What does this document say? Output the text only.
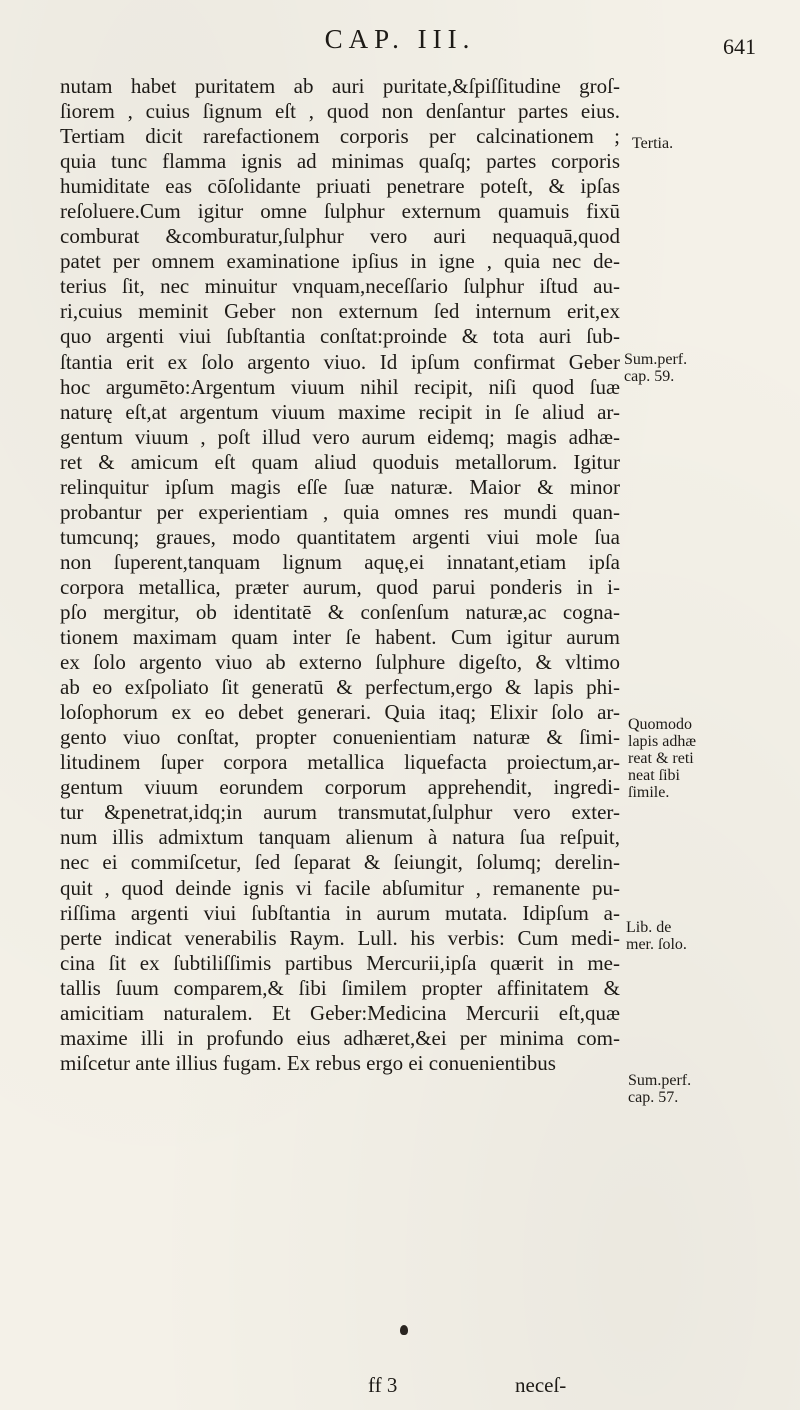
CAP. III.	641
nutam habet puritatem ab auri puritate,&ſpiſſitudine groſ-
ſiorem , cuius ſignum eſt , quod non denſantur partes eius.
Tertiam dicit rarefactionem corporis per calcinationem ;
quia tunc flamma ignis ad minimas quaſq; partes corporis
humiditate eas cōſolidante priuati penetrare poteſt, & ipſas
reſoluere.Cum igitur omne ſulphur externum quamuis fixū
comburat &comburatur,ſulphur vero auri nequaquā,quod
patet per omnem examinatione ipſius in igne , quia nec de-
terius ſit, nec minuitur vnquam,neceſſario ſulphur iſtud au-
ri,cuius meminit Geber non externum ſed internum erit,ex
quo argenti viui ſubſtantia conſtat:proinde & tota auri ſub-
ſtantia erit ex ſolo argento viuo. Id ipſum confirmat Geber
hoc argumēto:Argentum viuum nihil recipit, niſi quod ſuæ
naturę eſt,at argentum viuum maxime recipit in ſe aliud ar-
gentum viuum , poſt illud vero aurum eidemq; magis adhæ-
ret & amicum eſt quam aliud quoduis metallorum. Igitur
relinquitur ipſum magis eſſe ſuæ naturæ. Maior & minor
probantur per experientiam , quia omnes res mundi quan-
tumcunq; graues, modo quantitatem argenti viui mole ſua
non ſuperent,tanquam lignum aquę,ei innatant,etiam ipſa
corpora metallica, præter aurum, quod parui ponderis in i-
pſo mergitur, ob identitatē & conſenſum naturæ,ac cogna-
tionem maximam quam inter ſe habent. Cum igitur aurum
ex ſolo argento viuo ab externo ſulphure digeſto, & vltimo
ab eo exſpoliato ſit generatū & perfectum,ergo & lapis phi-
loſophorum ex eo debet generari. Quia itaq; Elixir ſolo ar-
gento viuo conſtat, propter conuenientiam naturæ & ſimi-
litudinem ſuper corpora metallica liquefacta proiectum,ar-
gentum viuum eorundem corporum apprehendit, ingredi-
tur &penetrat,idq;in aurum transmutat,ſulphur vero exter-
num illis admixtum tanquam alienum à natura ſua reſpuit,
nec ei commiſcetur, ſed ſeparat & ſeiungit, ſolumq; derelin-
quit , quod deinde ignis vi facile abſumitur , remanente pu-
riſſima argenti viui ſubſtantia in aurum mutata. Idipſum a-
perte indicat venerabilis Raym. Lull. his verbis: Cum medi-
cina ſit ex ſubtiliſſimis partibus Mercurii,ipſa quærit in me-
tallis ſuum comparem,& ſibi ſimilem propter affinitatem &
amicitiam naturalem. Et Geber:Medicina Mercurii eſt,quæ
maxime illi in profundo eius adhæret,&ei per minima com-
miſcetur ante illius fugam. Ex rebus ergo ei conuenientibus
Tertia.
Sum.perf.
cap. 59.
Quomodo
lapis adhæ
reat & reti
neat ſibi
ſimile.
Lib. de
mer. ſolo.
Sum.perf.
cap. 57.
ff 3	neceſ-
